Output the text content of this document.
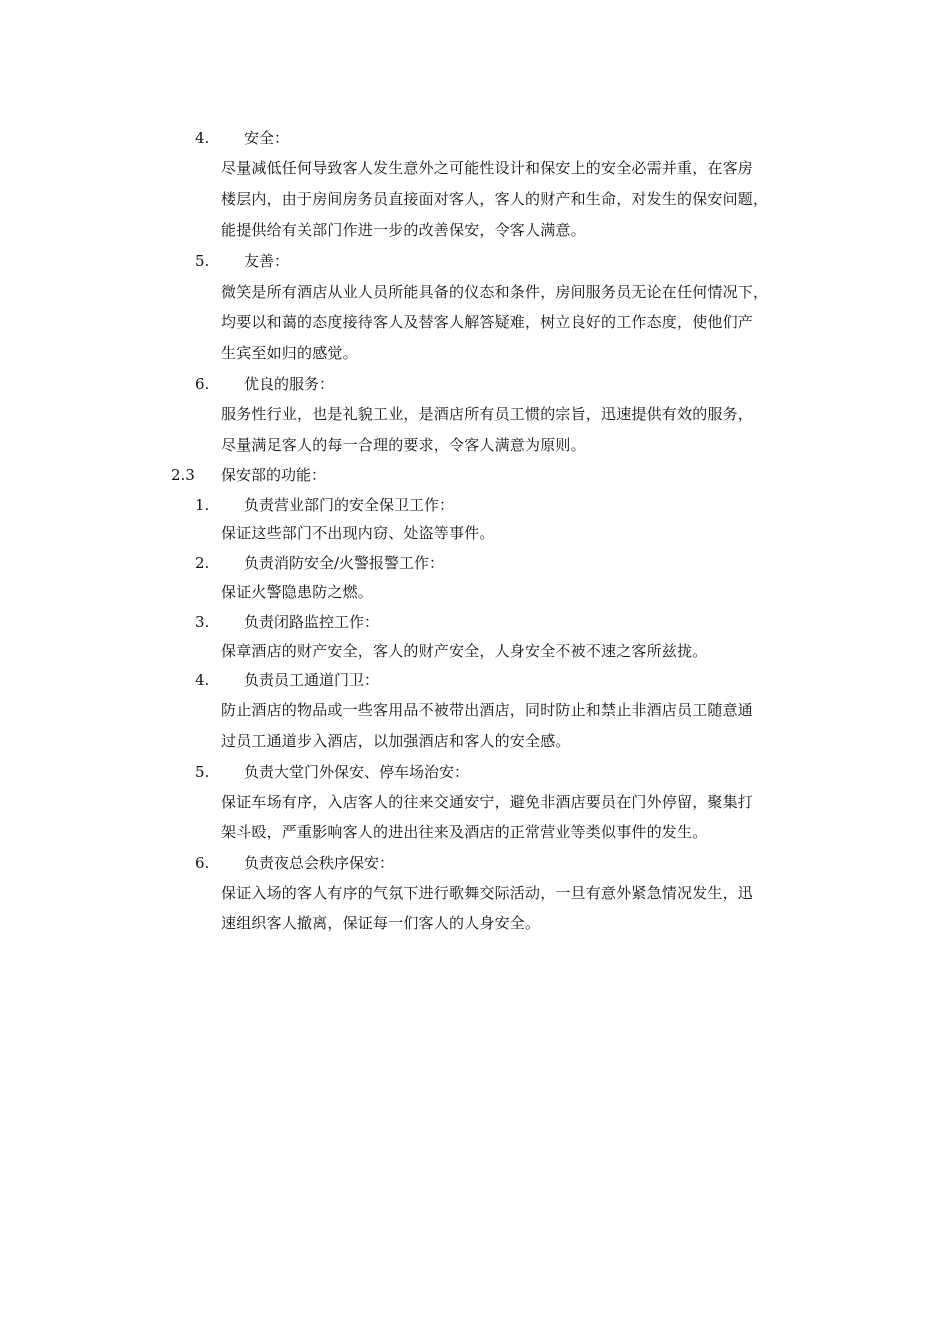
4. 安全：
尽量减低任何导致客人发生意外之可能性设计和保安上的安全必需并重，在客房
楼层内，由于房间房务员直接面对客人，客人的财产和生命，对发生的保安问题，
能提供给有关部门作进一步的改善保安，令客人满意。
5. 友善：
微笑是所有酒店从业人员所能具备的仪态和条件，房间服务员无论在任何情况下，
均要以和蔼的态度接待客人及替客人解答疑难，树立良好的工作态度，使他们产
生宾至如归的感觉。
6. 优良的服务：
服务性行业，也是礼貌工业，是酒店所有员工惯的宗旨，迅速提供有效的服务，
尽量满足客人的每一合理的要求，令客人满意为原则。
2.3 保安部的功能：
1. 负责营业部门的安全保卫工作：
保证这些部门不出现内窃、处盗等事件。
2. 负责消防安全/火警报警工作：
保证火警隐患防之燃。
3. 负责闭路监控工作：
保章酒店的财产安全，客人的财产安全，人身安全不被不速之客所兹拢。
4. 负责员工通道门卫：
防止酒店的物品或一些客用品不被带出酒店，同时防止和禁止非酒店员工随意通
过员工通道步入酒店，以加强酒店和客人的安全感。
5. 负责大堂门外保安、停车场治安：
保证车场有序，入店客人的往来交通安宁，避免非酒店要员在门外停留，聚集打
架斗殴，严重影响客人的进出往来及酒店的正常营业等类似事件的发生。
6. 负责夜总会秩序保安：
保证入场的客人有序的气氛下进行歌舞交际活动，一旦有意外紧急情况发生，迅
速组织客人撤离，保证每一们客人的人身安全。
